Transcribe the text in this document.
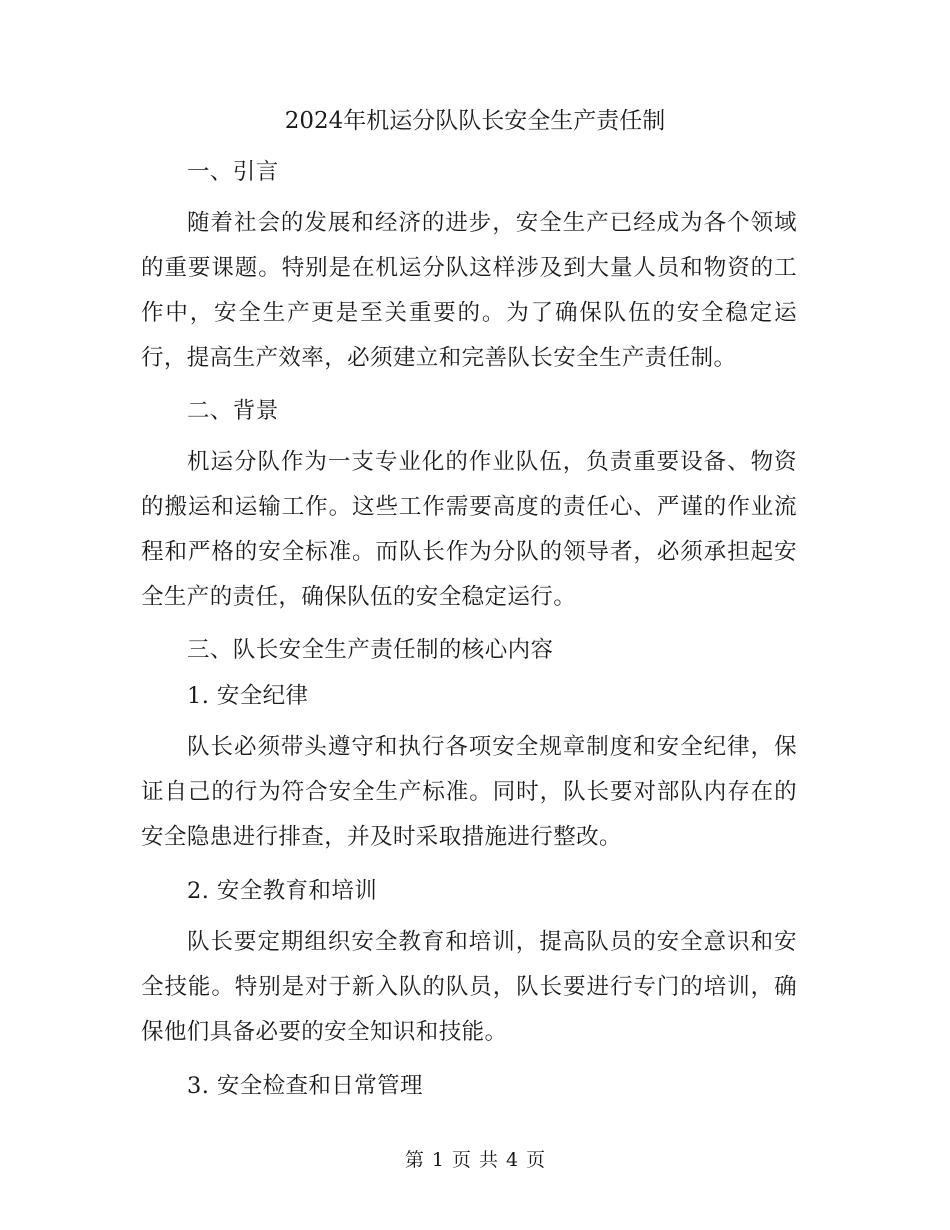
2024年机运分队队长安全生产责任制

一、引言

随着社会的发展和经济的进步，安全生产已经成为各个领域的重要课题。特别是在机运分队这样涉及到大量人员和物资的工作中，安全生产更是至关重要的。为了确保队伍的安全稳定运行，提高生产效率，必须建立和完善队长安全生产责任制。

二、背景

机运分队作为一支专业化的作业队伍，负责重要设备、物资的搬运和运输工作。这些工作需要高度的责任心、严谨的作业流程和严格的安全标准。而队长作为分队的领导者，必须承担起安全生产的责任，确保队伍的安全稳定运行。

三、队长安全生产责任制的核心内容

1. 安全纪律

队长必须带头遵守和执行各项安全规章制度和安全纪律，保证自己的行为符合安全生产标准。同时，队长要对部队内存在的安全隐患进行排查，并及时采取措施进行整改。

2. 安全教育和培训

队长要定期组织安全教育和培训，提高队员的安全意识和安全技能。特别是对于新入队的队员，队长要进行专门的培训，确保他们具备必要的安全知识和技能。

3. 安全检查和日常管理

第 1 页 共 4 页
